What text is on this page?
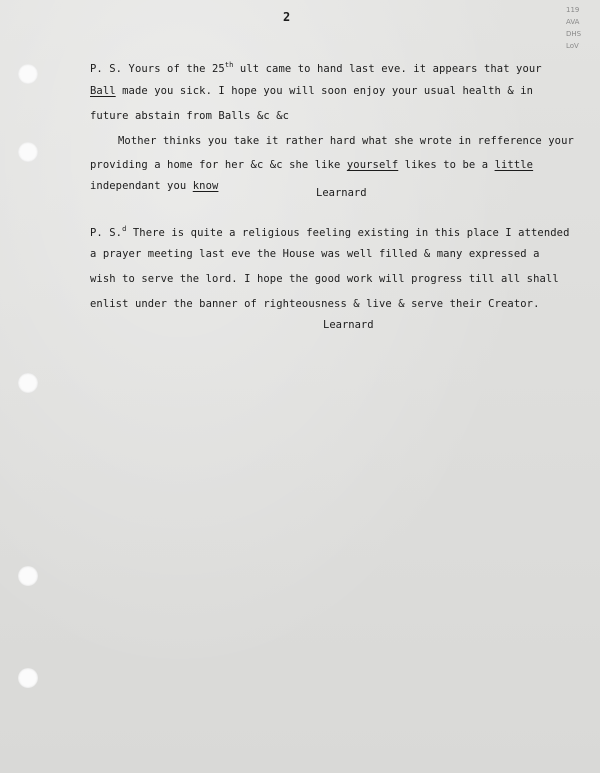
2	119
AVA
DHS
LoV
P. S. Yours of the 25th ult came to hand last eve. it appears that your
Ball made you sick. I hope you will soon enjoy your usual health & in
future abstain from Balls &c &c
Mother thinks you take it rather hard what she wrote in refference your
providing a home for her &c &c she like yourself likes to be a little
independant you know
Learnard
P. S.$^d$ There is quite a religious feeling existing in this place I attended
a prayer meeting last eve the House was well filled & many expressed a
wish to serve the lord. I hope the good work will progress till all shall
enlist under the banner of righteousness & live & serve their Creator.
Learnard
